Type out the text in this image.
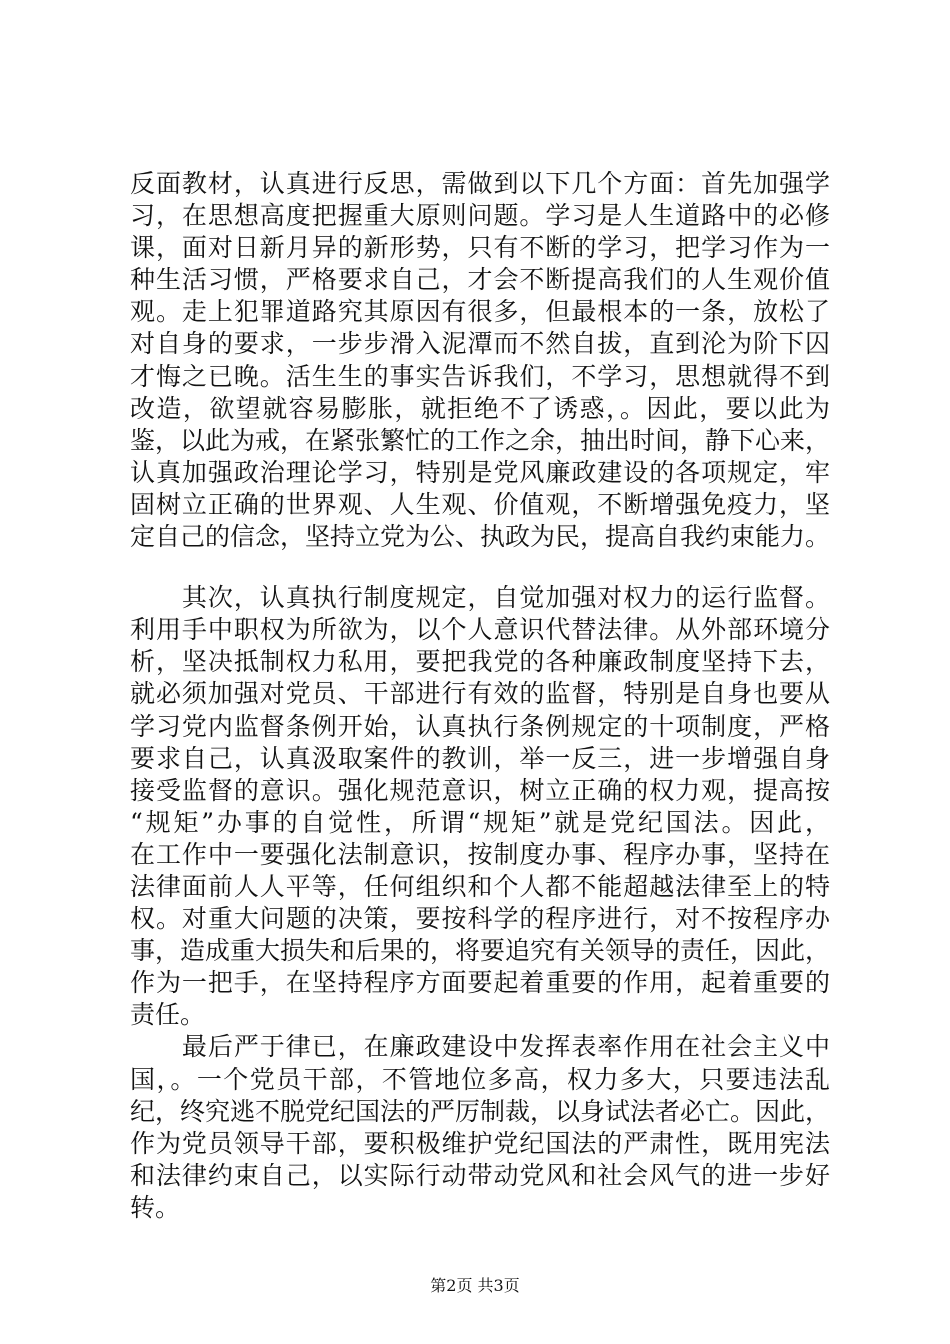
反面教材，认真进行反思，需做到以下几个方面：首先加强学
习，在思想高度把握重大原则问题。学习是人生道路中的必修
课，面对日新月异的新形势，只有不断的学习，把学习作为一
种生活习惯，严格要求自己，才会不断提高我们的人生观价值
观。走上犯罪道路究其原因有很多，但最根本的一条，放松了
对自身的要求，一步步滑入泥潭而不然自拔，直到沦为阶下囚
才悔之已晚。活生生的事实告诉我们，不学习，思想就得不到
改造，欲望就容易膨胀，就拒绝不了诱惑，。因此，要以此为
鉴，以此为戒，在紧张繁忙的工作之余，抽出时间，静下心来，
认真加强政治理论学习，特别是党风廉政建设的各项规定，牢
固树立正确的世界观、人生观、价值观，不断增强免疫力，坚
定自己的信念，坚持立党为公、执政为民，提高自我约束能力。
　　其次，认真执行制度规定，自觉加强对权力的运行监督。
利用手中职权为所欲为，以个人意识代替法律。从外部环境分
析，坚决抵制权力私用，要把我党的各种廉政制度坚持下去，
就必须加强对党员、干部进行有效的监督，特别是自身也要从
学习党内监督条例开始，认真执行条例规定的十项制度，严格
要求自己，认真汲取案件的教训，举一反三，进一步增强自身
接受监督的意识。强化规范意识，树立正确的权力观，提高按
“规矩”办事的自觉性，所谓“规矩”就是党纪国法。因此，
在工作中一要强化法制意识，按制度办事、程序办事，坚持在
法律面前人人平等，任何组织和个人都不能超越法律至上的特
权。对重大问题的决策，要按科学的程序进行，对不按程序办
事，造成重大损失和后果的，将要追究有关领导的责任，因此，
作为一把手，在坚持程序方面要起着重要的作用，起着重要的
责任。
　　最后严于律已，在廉政建设中发挥表率作用在社会主义中
国，。一个党员干部，不管地位多高，权力多大，只要违法乱
纪，终究逃不脱党纪国法的严厉制裁，以身试法者必亡。因此，
作为党员领导干部，要积极维护党纪国法的严肃性，既用宪法
和法律约束自己，以实际行动带动党风和社会风气的进一步好
转。
第2页 共3页
